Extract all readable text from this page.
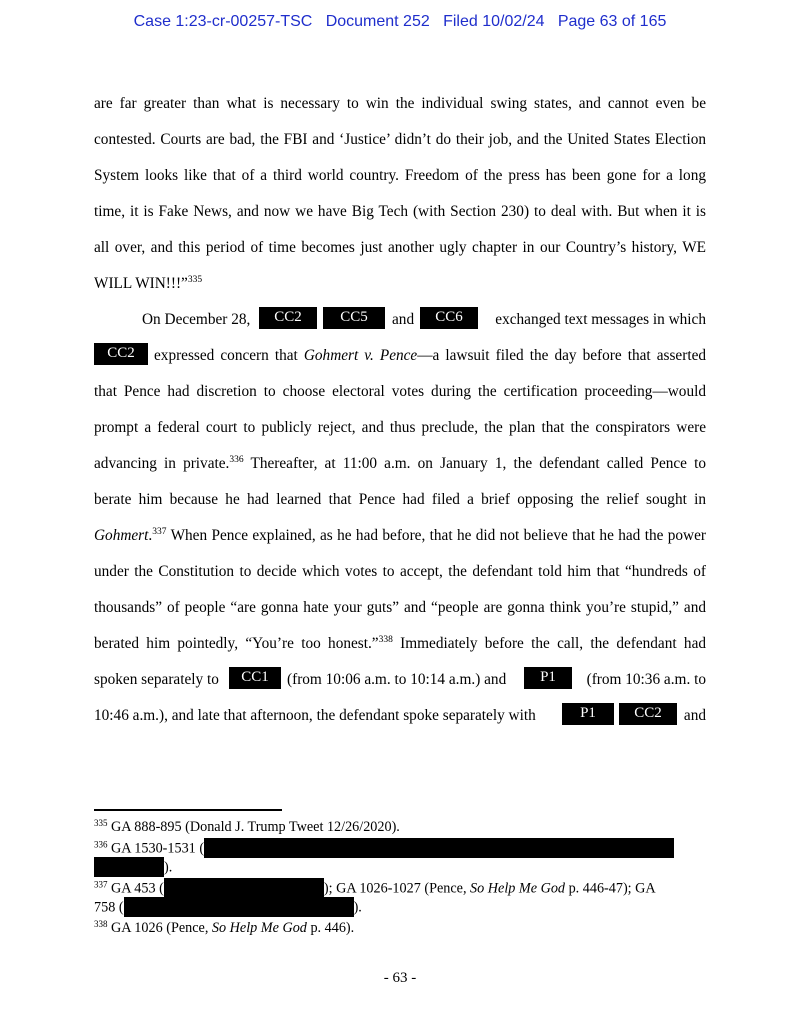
Case 1:23-cr-00257-TSC   Document 252   Filed 10/02/24   Page 63 of 165
are far greater than what is necessary to win the individual swing states, and cannot even be
contested. Courts are bad, the FBI and ‘Justice’ didn’t do their job, and the United States Election
System looks like that of a third world country. Freedom of the press has been gone for a long
time, it is Fake News, and now we have Big Tech (with Section 230) to deal with. But when it is
all over, and this period of time becomes just another ugly chapter in our Country’s history, WE
WILL WIN!!!”$^{335}$
On December 28,	CC2	CC5	and	CC6	exchanged text messages in which
CC2	expressed concern that Gohmert v. Pence—a lawsuit filed the day before that asserted
that Pence had discretion to choose electoral votes during the certification proceeding—would
prompt a federal court to publicly reject, and thus preclude, the plan that the conspirators were
advancing in private.$^{336}$ Thereafter, at 11:00 a.m. on January 1, the defendant called Pence to
berate him because he had learned that Pence had filed a brief opposing the relief sought in
Gohmert.$^{337}$ When Pence explained, as he had before, that he did not believe that he had the power
under the Constitution to decide which votes to accept, the defendant told him that “hundreds of
thousands” of people “are gonna hate your guts” and “people are gonna think you’re stupid,” and
berated him pointedly, “You’re too honest.”$^{338}$ Immediately before the call, the defendant had
spoken separately to	CC1	(from 10:06 a.m. to 10:14 a.m.) and	P1	(from 10:36 a.m. to
10:46 a.m.), and late that afternoon, the defendant spoke separately with	P1	CC2	and
$^{335}$ GA 888-895 (Donald J. Trump Tweet 12/26/2020).
$^{336}$ GA 1530-1531 (
).
$^{337}$ GA 453 (	); GA 1026-1027 (Pence, So Help Me God p. 446-47); GA
758 (	).
$^{338}$ GA 1026 (Pence, So Help Me God p. 446).
- 63 -
